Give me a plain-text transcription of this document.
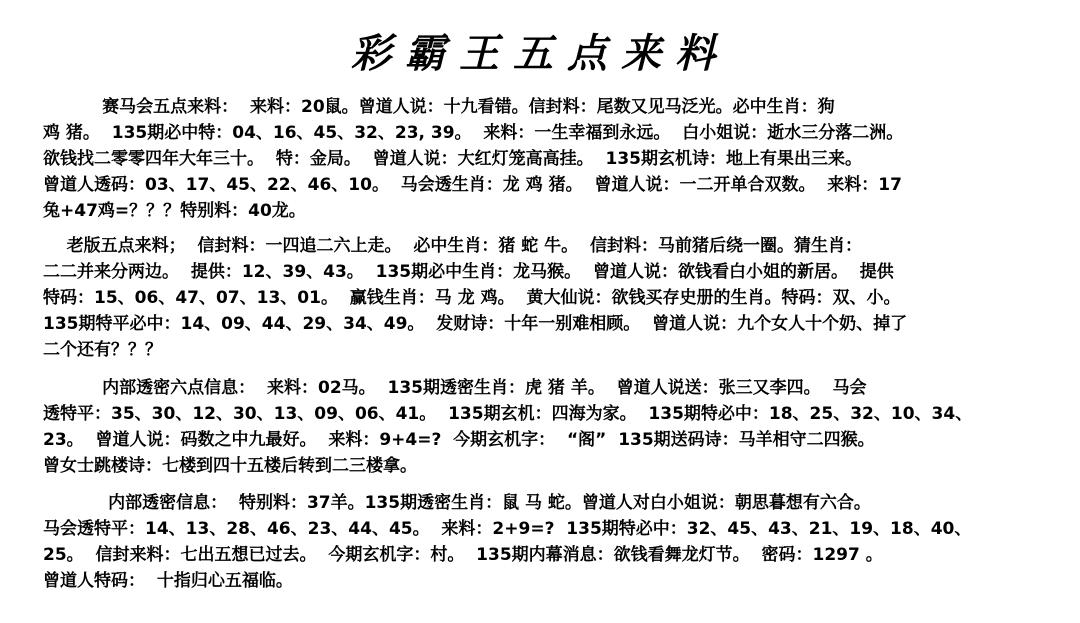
彩霸王五点来料
赛马会五点来料：  来料：20鼠。曾道人说：十九看错。信封料：尾数又见马泛光。必中生肖：狗
鸡 猪。  135期必中特：04、16、45、32、23, 39。  来料：一生幸福到永远。  白小姐说：逝水三分落二洲。
欲钱找二零零四年大年三十。  特：金局。  曾道人说：大红灯笼高高挂。  135期玄机诗：地上有果出三来。
曾道人透码：03、17、45、22、46、10。  马会透生肖：龙 鸡 猪。  曾道人说：一二开单合双数。  来料：17
兔+47鸡=？？？特别料：40龙。
老版五点来料；  信封料：一四追二六上走。  必中生肖：猪 蛇 牛。  信封料：马前猪后绕一圈。猜生肖：
二二并来分两边。  提供：12、39、43。  135期必中生肖：龙马猴。  曾道人说：欲钱看白小姐的新居。  提供
特码：15、06、47、07、13、01。  赢钱生肖：马 龙 鸡。  黄大仙说：欲钱买存史册的生肖。特码：双、小。
135期特平必中：14、09、44、29、34、49。  发财诗：十年一别难相顾。  曾道人说：九个女人十个奶、掉了
二个还有？？？
内部透密六点信息：  来料：02马。  135期透密生肖：虎 猪 羊。  曾道人说送：张三又李四。  马会
透特平：35、30、12、30、13、09、06、41。  135期玄机：四海为家。  135期特必中：18、25、32、10、34、
23。  曾道人说：码数之中九最好。  来料：9+4=?  今期玄机字：  “阁”  135期送码诗：马羊相守二四猴。
曾女士跳楼诗：七楼到四十五楼后转到二三楼拿。
内部透密信息：  特别料：37羊。135期透密生肖：鼠 马 蛇。曾道人对白小姐说：朝思暮想有六合。
马会透特平：14、13、28、46、23、44、45。  来料：2+9=?  135期特必中：32、45、43、21、19、18、40、
25。  信封来料：七出五想已过去。  今期玄机字：村。  135期内幕消息：欲钱看舞龙灯节。  密码：1297 。
曾道人特码：  十指归心五福临。
